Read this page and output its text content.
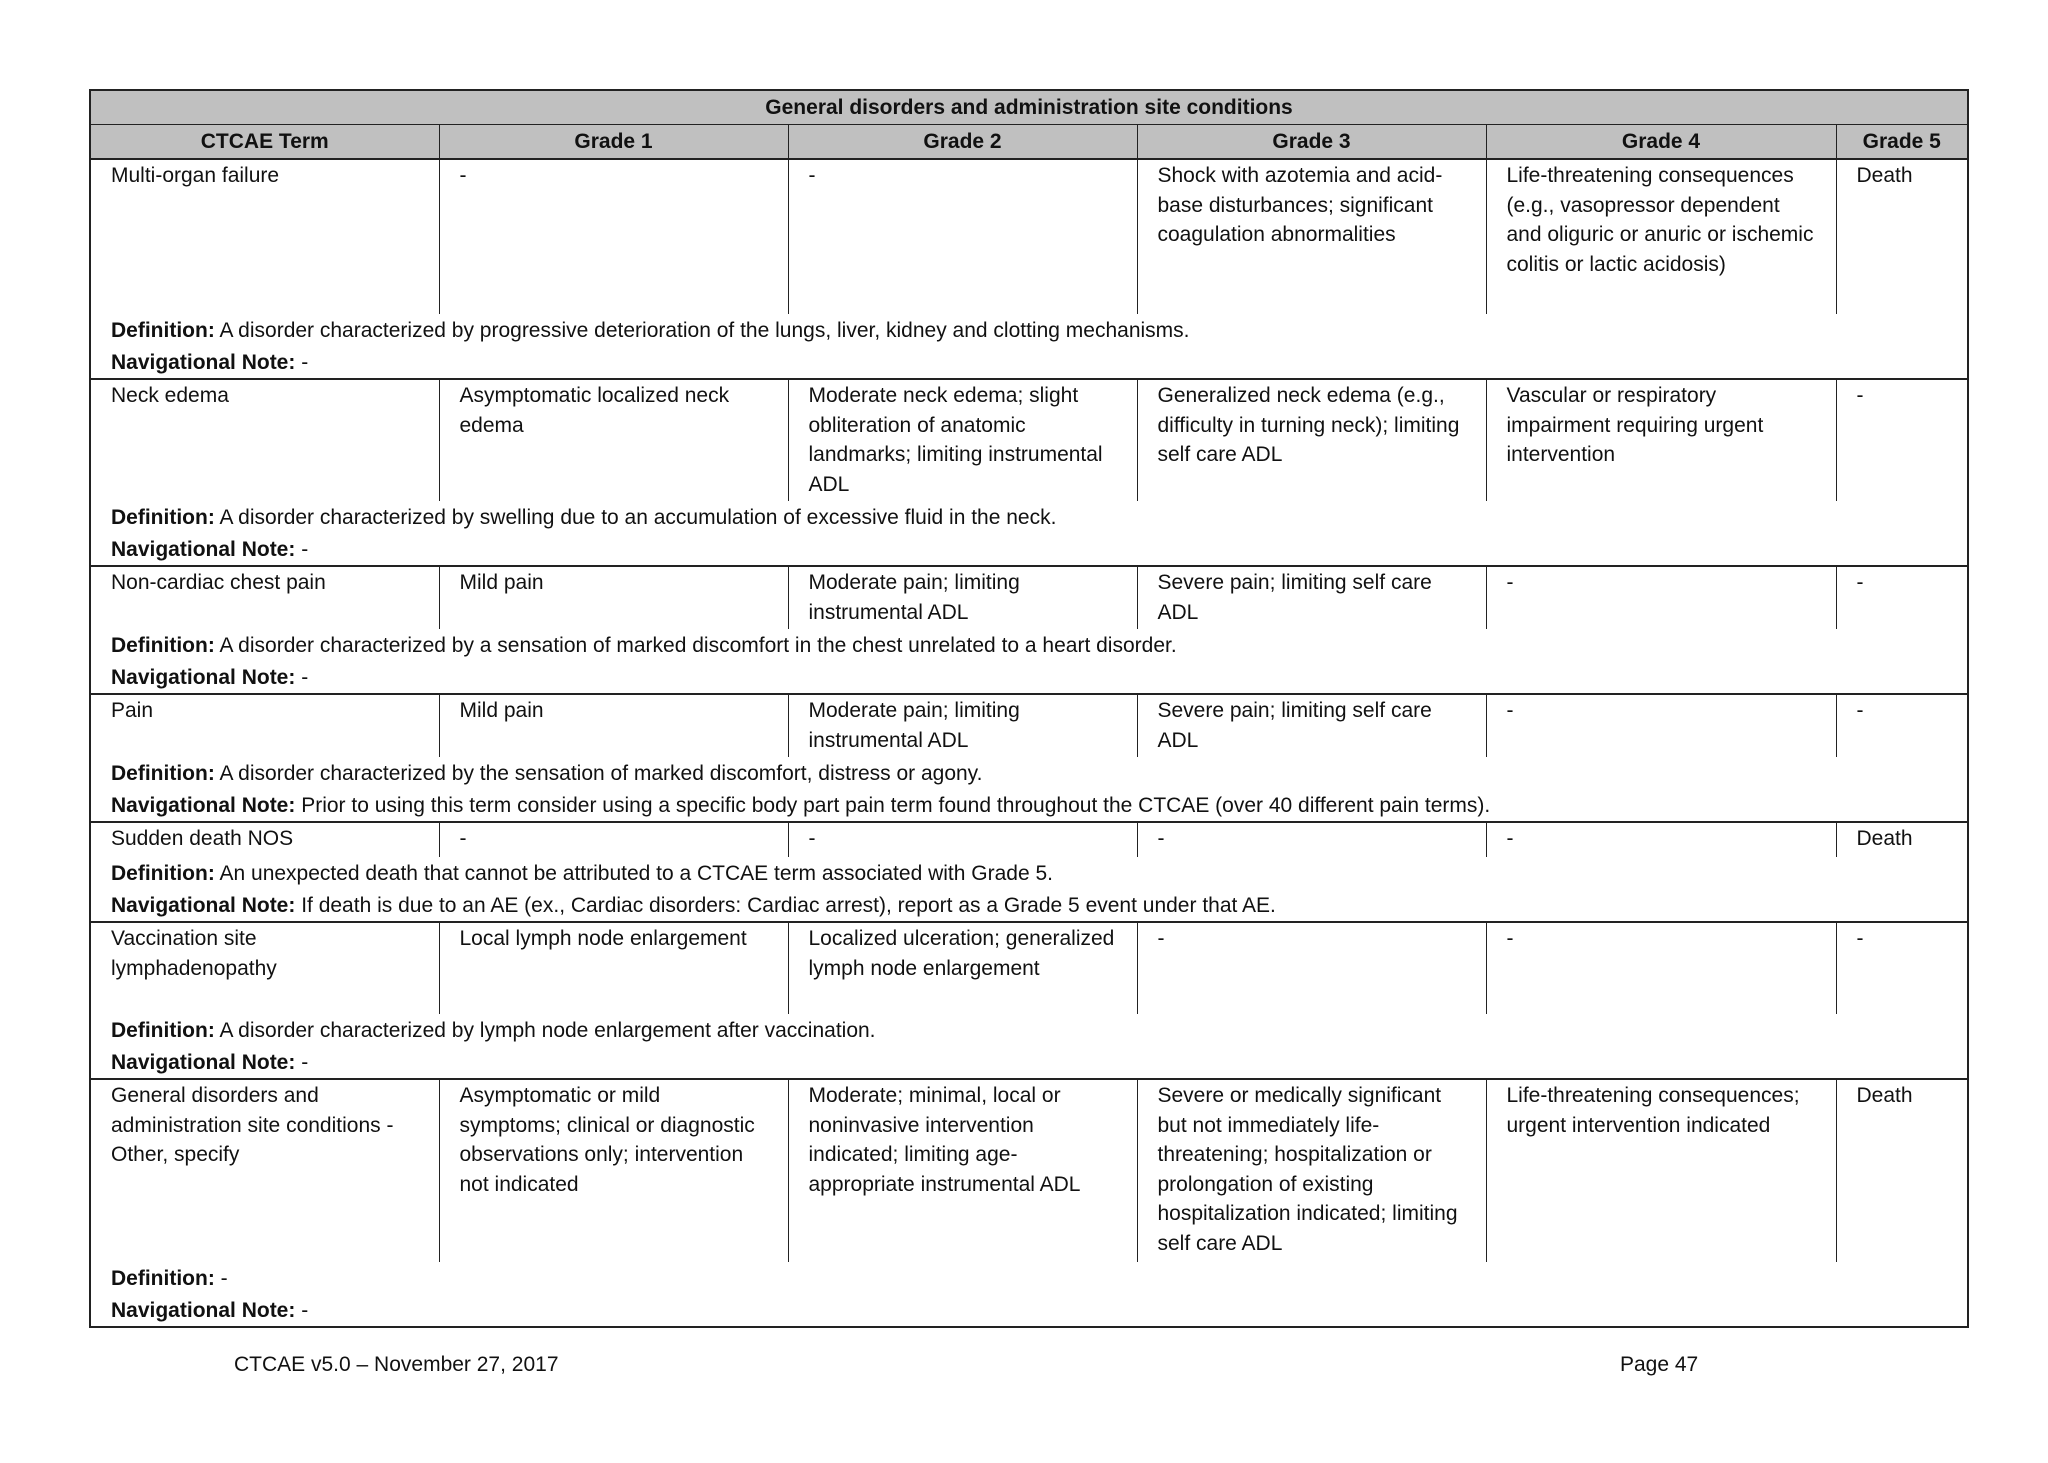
General disorders and administration site conditions					
CTCAE Term	Grade 1	Grade 2	Grade 3	Grade 4	Grade 5
Multi-organ failure	-	-	Shock with azotemia and acid-base disturbances; significant coagulation abnormalities	Life-threatening consequences (e.g., vasopressor dependent and oliguric or anuric or ischemic colitis or lactic acidosis)	Death
Definition: A disorder characterized by progressive deterioration of the lungs, liver, kidney and clotting mechanisms.					
Navigational Note: -					
Neck edema	Asymptomatic localized neck edema	Moderate neck edema; slight obliteration of anatomic landmarks; limiting instrumental ADL	Generalized neck edema (e.g., difficulty in turning neck); limiting self care ADL	Vascular or respiratory impairment requiring urgent intervention	-
Definition: A disorder characterized by swelling due to an accumulation of excessive fluid in the neck.					
Navigational Note: -					
Non-cardiac chest pain	Mild pain	Moderate pain; limiting instrumental ADL	Severe pain; limiting self care ADL	-	-
Definition: A disorder characterized by a sensation of marked discomfort in the chest unrelated to a heart disorder.					
Navigational Note: -					
Pain	Mild pain	Moderate pain; limiting instrumental ADL	Severe pain; limiting self care ADL	-	-
Definition: A disorder characterized by the sensation of marked discomfort, distress or agony.					
Navigational Note: Prior to using this term consider using a specific body part pain term found throughout the CTCAE (over 40 different pain terms).					
Sudden death NOS	-	-	-	-	Death
Definition: An unexpected death that cannot be attributed to a CTCAE term associated with Grade 5.					
Navigational Note: If death is due to an AE (ex., Cardiac disorders: Cardiac arrest), report as a Grade 5 event under that AE.					
Vaccination site lymphadenopathy	Local lymph node enlargement	Localized ulceration; generalized lymph node enlargement	-	-	-
Definition: A disorder characterized by lymph node enlargement after vaccination.					
Navigational Note: -					
General disorders and administration site conditions - Other, specify	Asymptomatic or mild symptoms; clinical or diagnostic observations only; intervention not indicated	Moderate; minimal, local or noninvasive intervention indicated; limiting age-appropriate instrumental ADL	Severe or medically significant but not immediately life-threatening; hospitalization or prolongation of existing hospitalization indicated; limiting self care ADL	Life-threatening consequences; urgent intervention indicated	Death
Definition: -					
Navigational Note: -					
CTCAE v5.0 – November 27, 2017	Page 47
